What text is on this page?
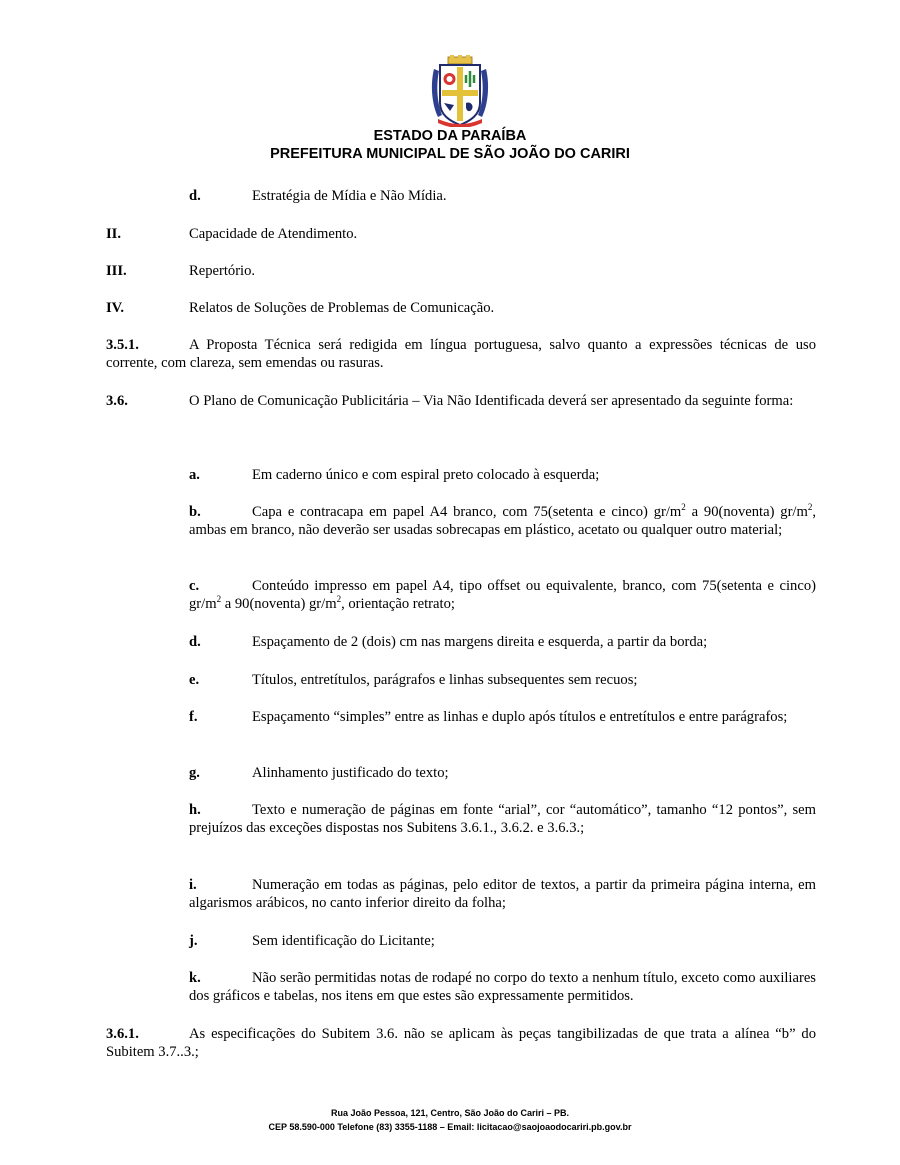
ESTADO DA PARAÍBA
PREFEITURA MUNICIPAL DE SÃO JOÃO DO CARIRI
d.	Estratégia de Mídia e Não Mídia.
II.	Capacidade de Atendimento.
III.	Repertório.
IV.	Relatos de Soluções de Problemas de Comunicação.
3.5.1.	A Proposta Técnica será redigida em língua portuguesa, salvo quanto a expressões técnicas de uso corrente, com clareza, sem emendas ou rasuras.
3.6.	O Plano de Comunicação Publicitária – Via Não Identificada deverá ser apresentado da seguinte forma:
a.	Em caderno único e com espiral preto colocado à esquerda;
b.	Capa e contracapa em papel A4 branco, com 75(setenta e cinco) $gr/m^2$ a 90(noventa) $gr/m^2$, ambas em branco, não deverão ser usadas sobrecapas em plástico, acetato ou qualquer outro material;
c.	Conteúdo impresso em papel A4, tipo offset ou equivalente, branco, com 75(setenta e cinco) $gr/m^2$ a 90(noventa) $gr/m^2$, orientação retrato;
d.	Espaçamento de 2 (dois) cm nas margens direita e esquerda, a partir da borda;
e.	Títulos, entretítulos, parágrafos e linhas subsequentes sem recuos;
f.	Espaçamento “simples” entre as linhas e duplo após títulos e entretítulos e entre parágrafos;
g.	Alinhamento justificado do texto;
h.	Texto e numeração de páginas em fonte “arial”, cor “automático”, tamanho “12 pontos”, sem prejuízos das exceções dispostas nos Subitens 3.6.1., 3.6.2. e 3.6.3.;
i.	Numeração em todas as páginas, pelo editor de textos, a partir da primeira página interna, em algarismos arábicos, no canto inferior direito da folha;
j.	Sem identificação do Licitante;
k.	Não serão permitidas notas de rodapé no corpo do texto a nenhum título, exceto como auxiliares dos gráficos e tabelas, nos itens em que estes são expressamente permitidos.
3.6.1.	As especificações do Subitem 3.6. não se aplicam às peças tangibilizadas de que trata a alínea “b” do Subitem 3.7..3.;
Rua João Pessoa, 121, Centro, São João do Cariri – PB.
CEP 58.590-000 Telefone (83) 3355-1188 – Email: licitacao@saojoaodocariri.pb.gov.br
